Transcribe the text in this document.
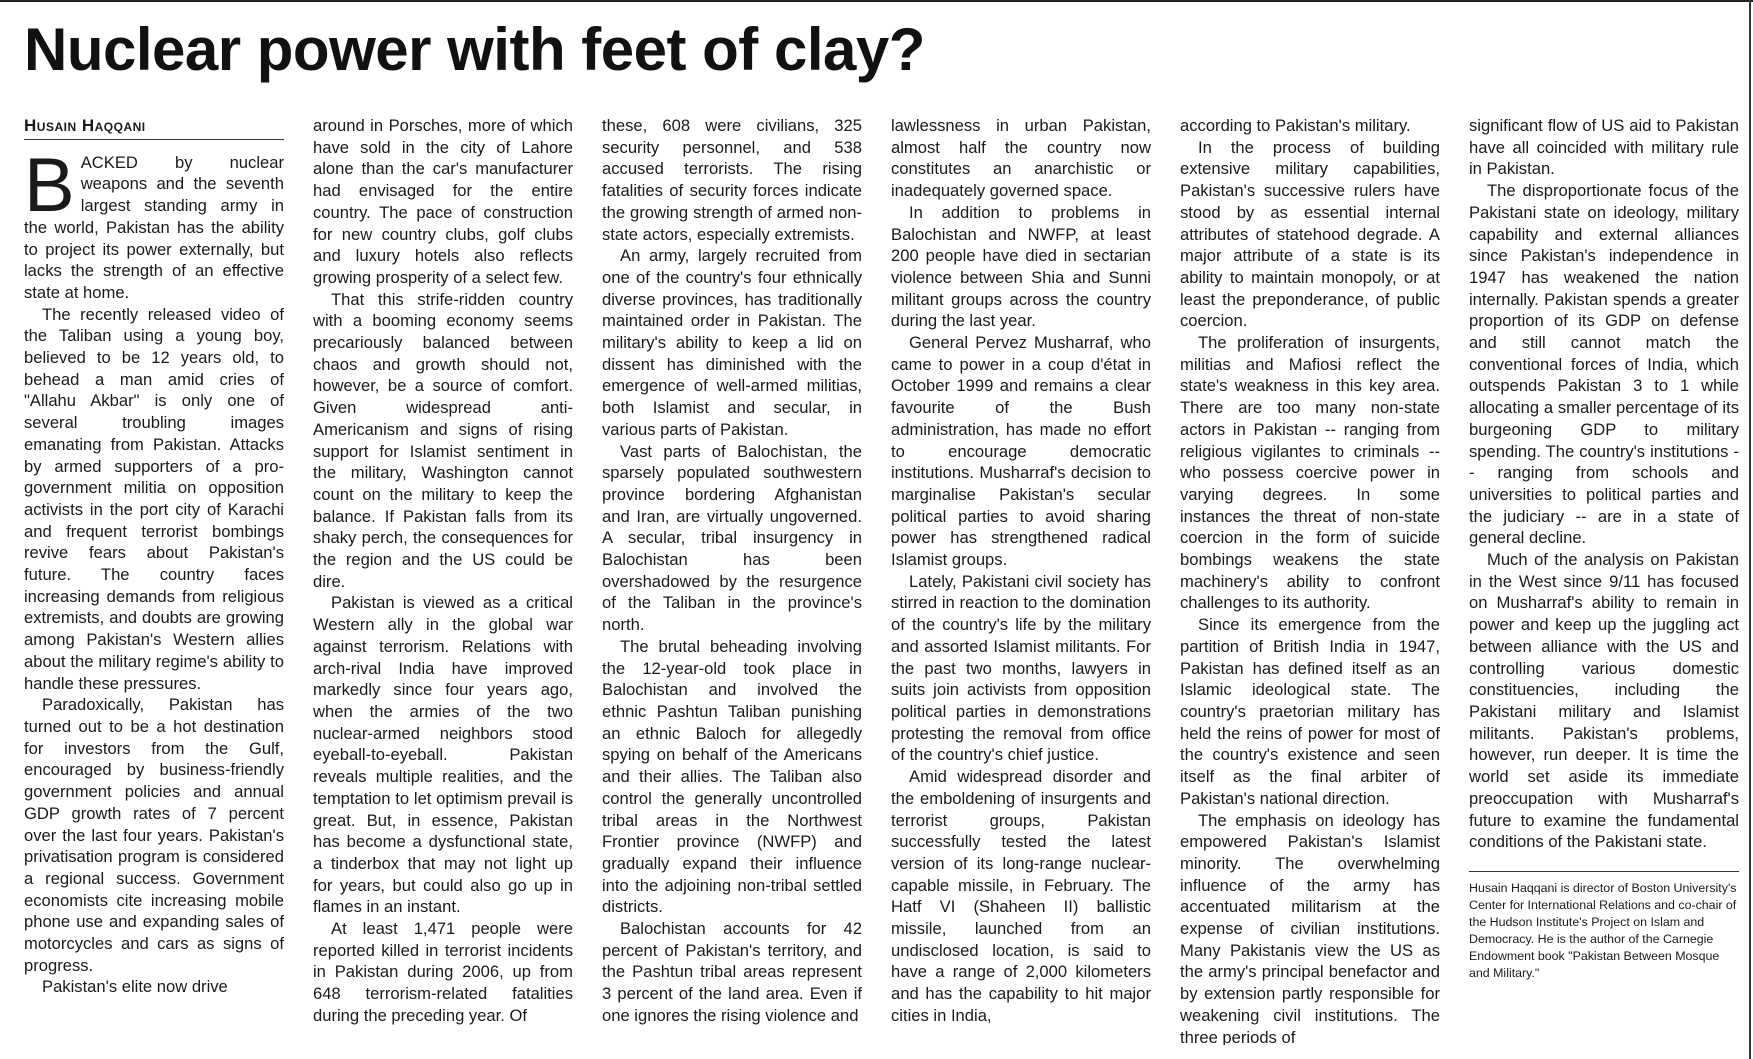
Nuclear power with feet of clay?
Husain Haqqani

BACKED by nuclear weapons and the seventh largest standing army in the world, Pakistan has the ability to project its power externally, but lacks the strength of an effective state at home.

The recently released video of the Taliban using a young boy, believed to be 12 years old, to behead a man amid cries of "Allahu Akbar" is only one of several troubling images emanating from Pakistan. Attacks by armed supporters of a pro-government militia on opposition activists in the port city of Karachi and frequent terrorist bombings revive fears about Pakistan's future. The country faces increasing demands from religious extremists, and doubts are growing among Pakistan's Western allies about the military regime's ability to handle these pressures.

Paradoxically, Pakistan has turned out to be a hot destination for investors from the Gulf, encouraged by business-friendly government policies and annual GDP growth rates of 7 percent over the last four years. Pakistan's privatisation program is considered a regional success. Government economists cite increasing mobile phone use and expanding sales of motorcycles and cars as signs of progress.

Pakistan's elite now drive

around in Porsches, more of which have sold in the city of Lahore alone than the car's manufacturer had envisaged for the entire country. The pace of construction for new country clubs, golf clubs and luxury hotels also reflects growing prosperity of a select few.

That this strife-ridden country with a booming economy seems precariously balanced between chaos and growth should not, however, be a source of comfort. Given widespread anti-Americanism and signs of rising support for Islamist sentiment in the military, Washington cannot count on the military to keep the balance. If Pakistan falls from its shaky perch, the consequences for the region and the US could be dire.

Pakistan is viewed as a critical Western ally in the global war against terrorism. Relations with arch-rival India have improved markedly since four years ago, when the armies of the two nuclear-armed neighbors stood eyeball-to-eyeball. Pakistan reveals multiple realities, and the temptation to let optimism prevail is great. But, in essence, Pakistan has become a dysfunctional state, a tinderbox that may not light up for years, but could also go up in flames in an instant.

At least 1,471 people were reported killed in terrorist incidents in Pakistan during 2006, up from 648 terrorism-related fatalities during the preceding year. Of

these, 608 were civilians, 325 security personnel, and 538 accused terrorists. The rising fatalities of security forces indicate the growing strength of armed non-state actors, especially extremists.

An army, largely recruited from one of the country's four ethnically diverse provinces, has traditionally maintained order in Pakistan. The military's ability to keep a lid on dissent has diminished with the emergence of well-armed militias, both Islamist and secular, in various parts of Pakistan.

Vast parts of Balochistan, the sparsely populated southwestern province bordering Afghanistan and Iran, are virtually ungoverned. A secular, tribal insurgency in Balochistan has been overshadowed by the resurgence of the Taliban in the province's north.

The brutal beheading involving the 12-year-old took place in Balochistan and involved the ethnic Pashtun Taliban punishing an ethnic Baloch for allegedly spying on behalf of the Americans and their allies. The Taliban also control the generally uncontrolled tribal areas in the Northwest Frontier province (NWFP) and gradually expand their influence into the adjoining non-tribal settled districts.

Balochistan accounts for 42 percent of Pakistan's territory, and the Pashtun tribal areas represent 3 percent of the land area. Even if one ignores the rising violence and

lawlessness in urban Pakistan, almost half the country now constitutes an anarchistic or inadequately governed space.

In addition to problems in Balochistan and NWFP, at least 200 people have died in sectarian violence between Shia and Sunni militant groups across the country during the last year.

General Pervez Musharraf, who came to power in a coup d'état in October 1999 and remains a clear favourite of the Bush administration, has made no effort to encourage democratic institutions. Musharraf's decision to marginalise Pakistan's secular political parties to avoid sharing power has strengthened radical Islamist groups.

Lately, Pakistani civil society has stirred in reaction to the domination of the country's life by the military and assorted Islamist militants. For the past two months, lawyers in suits join activists from opposition political parties in demonstrations protesting the removal from office of the country's chief justice.

Amid widespread disorder and the emboldening of insurgents and terrorist groups, Pakistan successfully tested the latest version of its long-range nuclear-capable missile, in February. The Hatf VI (Shaheen II) ballistic missile, launched from an undisclosed location, is said to have a range of 2,000 kilometers and has the capability to hit major cities in India,

according to Pakistan's military.

In the process of building extensive military capabilities, Pakistan's successive rulers have stood by as essential internal attributes of statehood degrade. A major attribute of a state is its ability to maintain monopoly, or at least the preponderance, of public coercion.

The proliferation of insurgents, militias and Mafiosi reflect the state's weakness in this key area. There are too many non-state actors in Pakistan -- ranging from religious vigilantes to criminals -- who possess coercive power in varying degrees. In some instances the threat of non-state coercion in the form of suicide bombings weakens the state machinery's ability to confront challenges to its authority.

Since its emergence from the partition of British India in 1947, Pakistan has defined itself as an Islamic ideological state. The country's praetorian military has held the reins of power for most of the country's existence and seen itself as the final arbiter of Pakistan's national direction.

The emphasis on ideology has empowered Pakistan's Islamist minority. The overwhelming influence of the army has accentuated militarism at the expense of civilian institutions. Many Pakistanis view the US as the army's principal benefactor and by extension partly responsible for weakening civil institutions. The three periods of

significant flow of US aid to Pakistan have all coincided with military rule in Pakistan.

The disproportionate focus of the Pakistani state on ideology, military capability and external alliances since Pakistan's independence in 1947 has weakened the nation internally. Pakistan spends a greater proportion of its GDP on defense and still cannot match the conventional forces of India, which outspends Pakistan 3 to 1 while allocating a smaller percentage of its burgeoning GDP to military spending. The country's institutions -- ranging from schools and universities to political parties and the judiciary -- are in a state of general decline.

Much of the analysis on Pakistan in the West since 9/11 has focused on Musharraf's ability to remain in power and keep up the juggling act between alliance with the US and controlling various domestic constituencies, including the Pakistani military and Islamist militants. Pakistan's problems, however, run deeper. It is time the world set aside its immediate preoccupation with Musharraf's future to examine the fundamental conditions of the Pakistani state.

Husain Haqqani is director of Boston University's Center for International Relations and co-chair of the Hudson Institute's Project on Islam and Democracy. He is the author of the Carnegie Endowment book "Pakistan Between Mosque and Military."
